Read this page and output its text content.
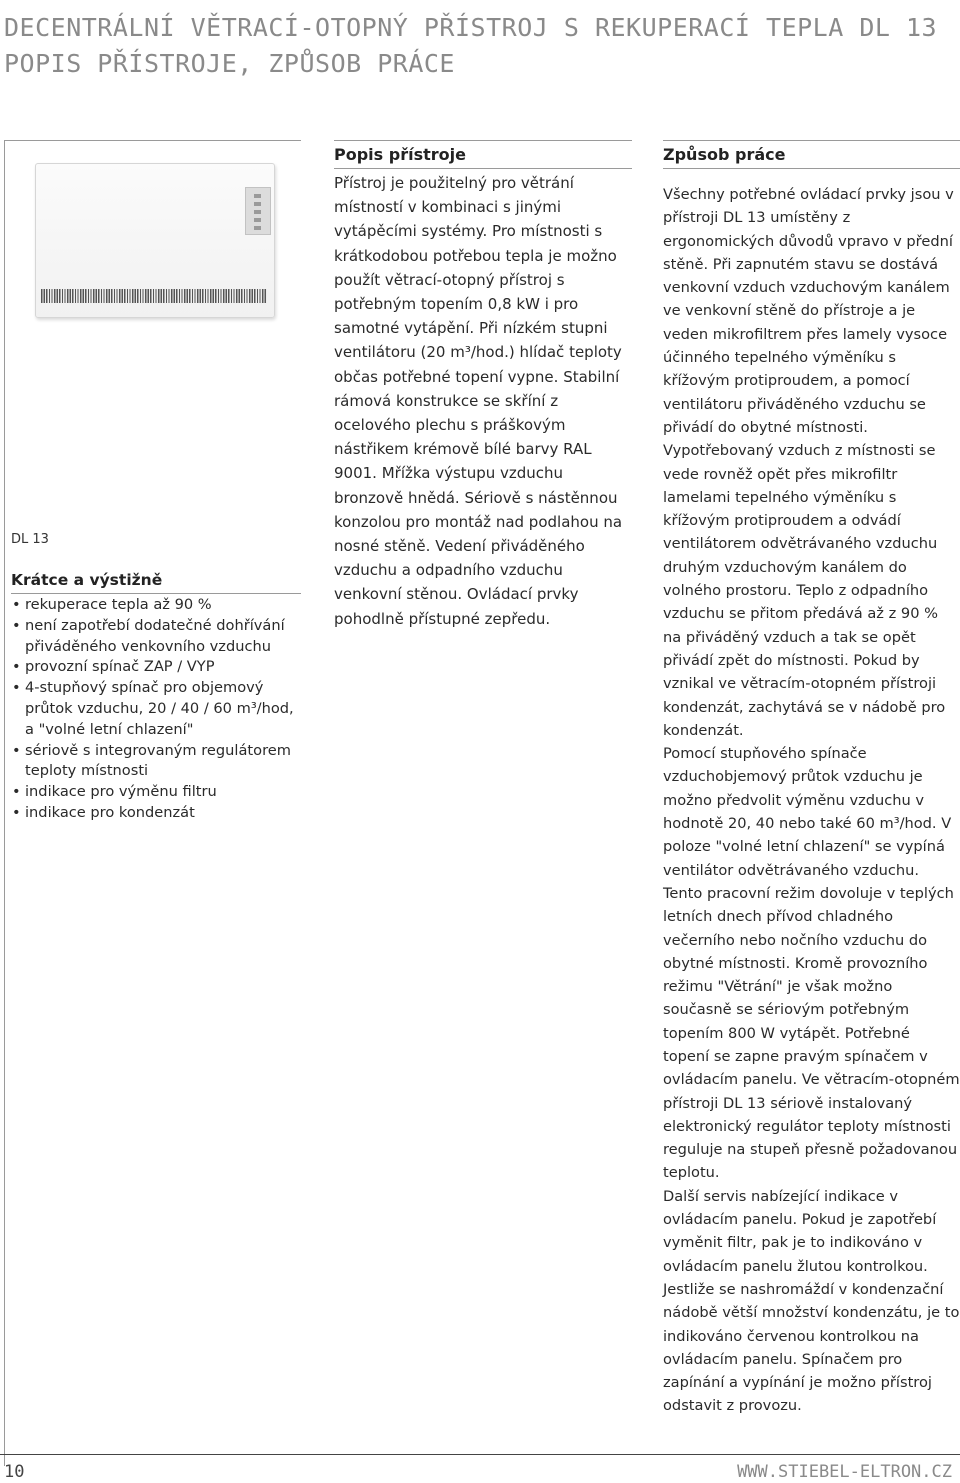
DECENTRÁLNÍ VĚTRACÍ-OTOPNÝ PŘÍSTROJ S REKUPERACÍ TEPLA DL 13
POPIS PŘÍSTROJE, ZPŮSOB PRÁCE
DL 13
Krátce a výstižně
• rekuperace tepla až 90 %
• není zapotřebí dodatečné dohřívání přiváděného venkovního vzduchu
• provozní spínač ZAP / VYP
• 4-stupňový spínač pro objemový průtok vzduchu, 20 / 40 / 60 m³/hod, a "volné letní chlazení"
• sériově s integrovaným regulátorem teploty místnosti
• indikace pro výměnu filtru
• indikace pro kondenzát
Popis přístroje
Přístroj je použitelný pro větrání místností v kombinaci s jinými vytápěcími systémy. Pro místnosti s krátkodobou potřebou tepla je možno použít větrací-otopný přístroj s potřebným topením 0,8 kW i pro samotné vytápění. Při nízkém stupni ventilátoru (20 m³/hod.) hlídač teploty občas potřebné topení vypne. Stabilní rámová konstrukce se skříní z ocelového plechu s práškovým nástřikem krémově bílé barvy RAL 9001. Mřížka výstupu vzduchu bronzově hnědá. Sériově s nástěnnou konzolou pro montáž nad podlahou na nosné stěně. Vedení přiváděného vzduchu a odpadního vzduchu venkovní stěnou. Ovládací prvky pohodlně přístupné zepředu.
Způsob práce

Všechny potřebné ovládací prvky jsou v přístroji DL 13 umístěny z ergonomických důvodů vpravo v přední stěně. Při zapnutém stavu se dostává venkovní vzduch vzduchovým kanálem ve venkovní stěně do přístroje a je veden mikrofiltrem přes lamely vysoce účinného tepelného výměníku s křížovým protiproudem, a pomocí ventilátoru přiváděného vzduchu se přivádí do obytné místnosti. Vypotřebovaný vzduch z místnosti se vede rovněž opět přes mikrofiltr lamelami tepelného výměníku s křížovým protiproudem a odvádí ventilátorem odvětrávaného vzduchu druhým vzduchovým kanálem do volného prostoru. Teplo z odpadního vzduchu se přitom předává až z 90 % na přiváděný vzduch a tak se opět přivádí zpět do místnosti. Pokud by vznikal ve větracím-otopném přístroji kondenzát, zachytává se v nádobě pro kondenzát.

Pomocí stupňového spínače vzduchobjemový průtok vzduchu je možno předvolit výměnu vzduchu v hodnotě 20, 40 nebo také 60 m³/hod. V poloze "volné letní chlazení" se vypíná ventilátor odvětrávaného vzduchu. Tento pracovní režim dovoluje v teplých letních dnech přívod chladného večerního nebo nočního vzduchu do obytné místnosti. Kromě provozního režimu "Větrání" je však možno současně se sériovým potřebným topením 800 W vytápět. Potřebné topení se zapne pravým spínačem v ovládacím panelu. Ve větracím-otopném přístroji DL 13 sériově instalovaný elektronický regulátor teploty místnosti reguluje na stupeň přesně požadovanou teplotu.

Další servis nabízející indikace v ovládacím panelu. Pokud je zapotřebí vyměnit filtr, pak je to indikováno v ovládacím panelu žlutou kontrolkou. Jestliže se nashromáždí v kondenzační nádobě větší množství kondenzátu, je to indikováno červenou kontrolkou na ovládacím panelu. Spínačem pro zapínání a vypínání je možno přístroj odstavit z provozu.

10	WWW.STIEBEL-ELTRON.CZ
